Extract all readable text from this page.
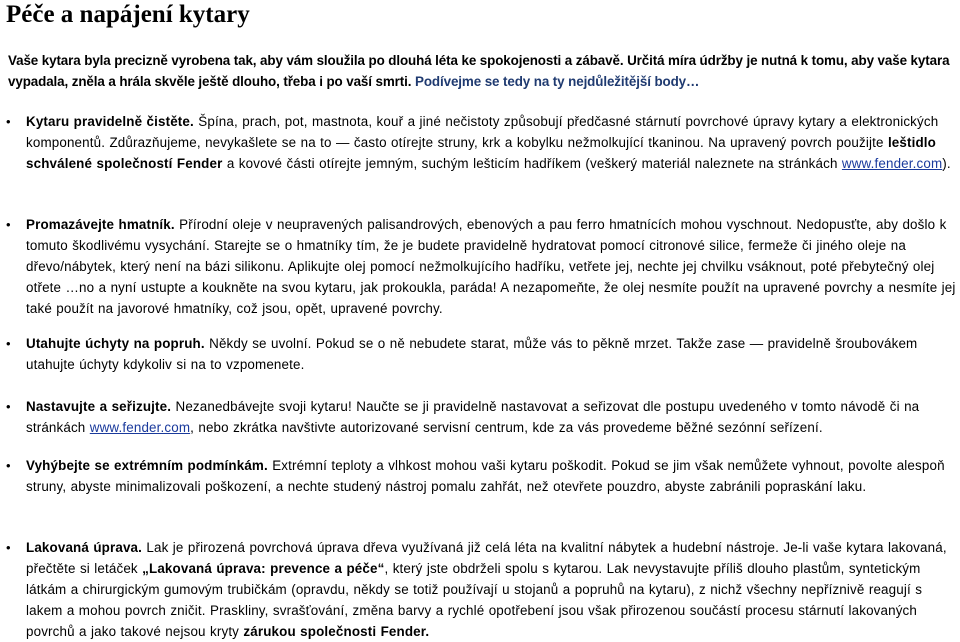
Péče a napájení kytary

Vaše kytara byla precizně vyrobena tak, aby vám sloužila po dlouhá léta ke spokojenosti a zábavě. Určitá míra údržby je nutná k tomu, aby vaše kytara vypadala, zněla a hrála skvěle ještě dlouho, třeba i po vaší smrti. Podívejme se tedy na ty nejdůležitější body…

• Kytaru pravidelně čistěte. Špína, prach, pot, mastnota, kouř a jiné nečistoty způsobují předčasné stárnutí povrchové úpravy kytary a elektronických komponentů. Zdůrazňujeme, nevykašlete se na to — často otírejte struny, krk a kobylku nežmolkující tkaninou. Na upravený povrch použijte leštidlo schválené společností Fender a kovové části otírejte jemným, suchým lešticím hadříkem (veškerý materiál naleznete na stránkách www.fender.com).

• Promazávejte hmatník. Přírodní oleje v neupravených palisandrových, ebenových a pau ferro hmatnících mohou vyschnout. Nedopusťte, aby došlo k tomuto škodlivému vysychání. Starejte se o hmatníky tím, že je budete pravidelně hydratovat pomocí citronové silice, fermeže či jiného oleje na dřevo/nábytek, který není na bázi silikonu. Aplikujte olej pomocí nežmolkujícího hadříku, vetřete jej, nechte jej chvilku vsáknout, poté přebytečný olej otřete …no a nyní ustupte a koukněte na svou kytaru, jak prokoukla, paráda! A nezapomeňte, že olej nesmíte použít na upravené povrchy a nesmíte jej také použít na javorové hmatníky, což jsou, opět, upravené povrchy.

• Utahujte úchyty na popruh. Někdy se uvolní. Pokud se o ně nebudete starat, může vás to pěkně mrzet. Takže zase — pravidelně šroubovákem utahujte úchyty kdykoliv si na to vzpomenete.

• Nastavujte a seřizujte. Nezanedbávejte svoji kytaru! Naučte se ji pravidelně nastavovat a seřizovat dle postupu uvedeného v tomto návodě či na stránkách www.fender.com, nebo zkrátka navštivte autorizované servisní centrum, kde za vás provedeme běžné sezónní seřízení.

• Vyhýbejte se extrémním podmínkám. Extrémní teploty a vlhkost mohou vaši kytaru poškodit. Pokud se jim však nemůžete vyhnout, povolte alespoň struny, abyste minimalizovali poškození, a nechte studený nástroj pomalu zahřát, než otevřete pouzdro, abyste zabránili popraskání laku.

• Lakovaná úprava. Lak je přirozená povrchová úprava dřeva využívaná již celá léta na kvalitní nábytek a hudební nástroje. Je-li vaše kytara lakovaná, přečtěte si letáček „Lakovaná úprava: prevence a péče“, který jste obdrželi spolu s kytarou. Lak nevystavujte příliš dlouho plastům, syntetickým látkám a chirurgickým gumovým trubičkám (opravdu, někdy se totiž používají u stojanů a popruhů na kytaru), z nichž všechny nepříznivě reagují s lakem a mohou povrch zničit. Praskliny, svrašťování, změna barvy a rychlé opotřebení jsou však přirozenou součástí procesu stárnutí lakovaných povrchů a jako takové nejsou kryty zárukou společnosti Fender.
